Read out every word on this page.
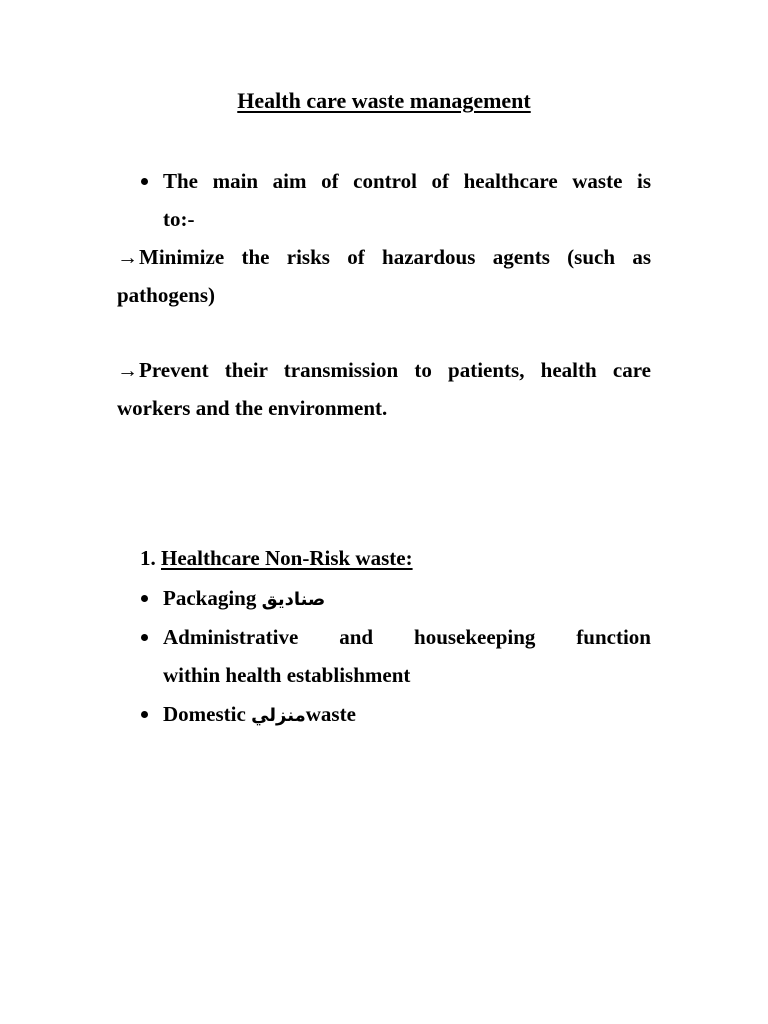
Health care waste management
The main aim of control of healthcare waste is
to:-
→Minimize the risks of hazardous agents (such as
pathogens)
→Prevent their transmission to patients, health care
workers and the environment.
1. Healthcare Non-Risk waste:
Packaging صناديق
Administrative and housekeeping function
within health establishment
Domestic منزليwaste
